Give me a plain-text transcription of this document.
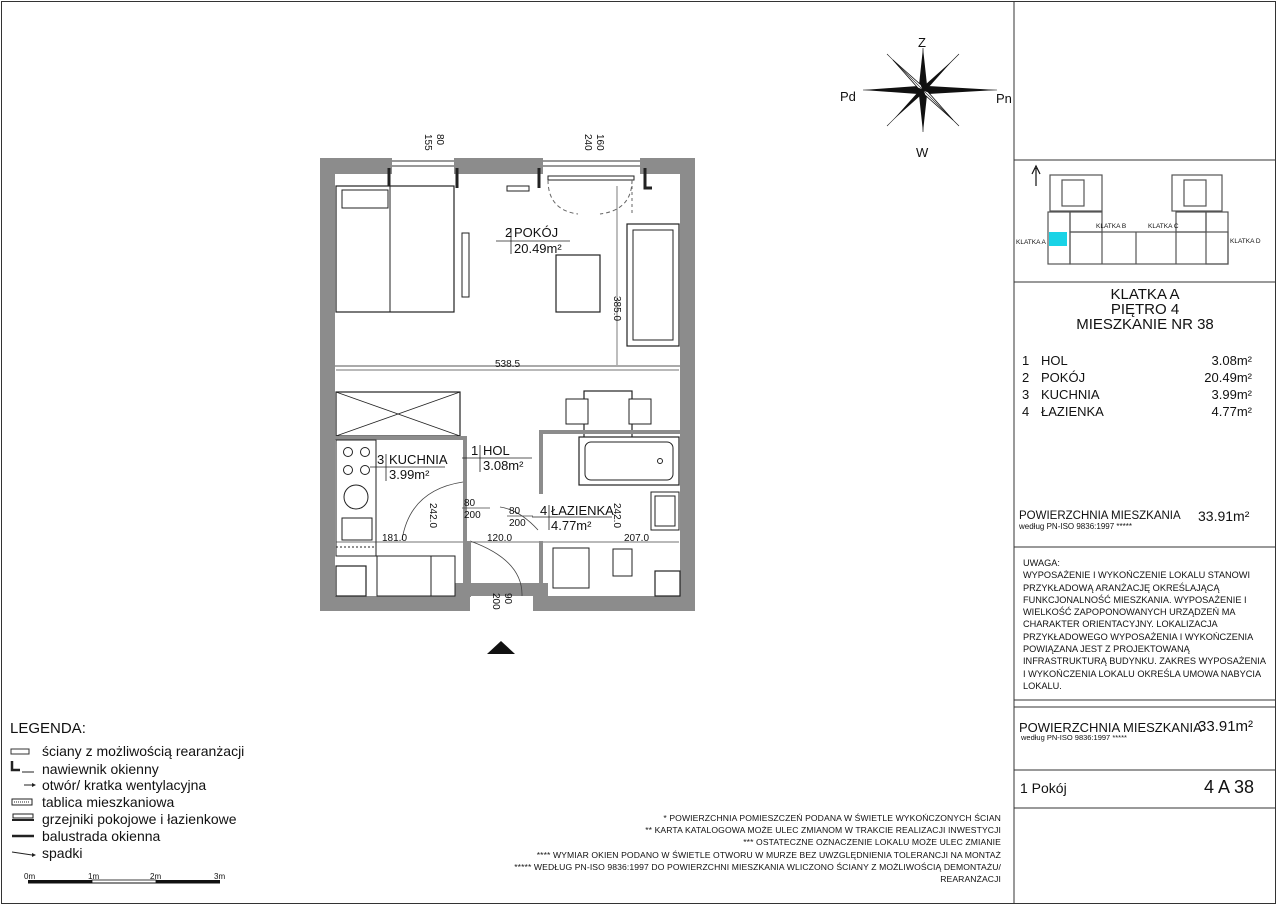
Z
W
Pd	Pn
2 POKÓJ
20.49m²
3 KUCHNIA
3.99m²
1 HOL
3.08m²
4 ŁAZIENKA
4.77m²
538.5
385.0
80
155	160
240
181.0	120.0	207.0
242.0	242.0
80
200	80
200
90
200
KLATKA A
KLATKA B	KLATKA C
KLATKA D
0m	1m	2m	3m
KLATKA A
PIĘTRO 4
MIESZKANIE NR 38
1 HOL	3.08m²
2 POKÓJ	20.49m²
3 KUCHNIA	3.99m²
4 ŁAZIENKA	4.77m²
POWIERZCHNIA MIESZKANIA
według PN-ISO 9836:1997 *****
33.91m²
UWAGA:
WYPOSAŻENIE I WYKOŃCZENIE LOKALU STANOWI
PRZYKŁADOWĄ ARANŻACJĘ OKREŚLAJĄCĄ
FUNKCJONALNOŚĆ MIESZKANIA. WYPOSAŻENIE I
WIELKOŚĆ ZAPOPONOWANYCH URZĄDZEŃ MA
CHARAKTER ORIENTACYJNY. LOKALIZACJA
PRZYKŁADOWEGO WYPOSAŻENIA I WYKOŃCZENIA
POWIĄZANA JEST Z PROJEKTOWANĄ
INFRASTRUKTURĄ BUDYNKU. ZAKRES WYPOSAŻENIA
I WYKOŃCZENIA LOKALU OKREŚLA UMOWA NABYCIA
LOKALU.
POWIERZCHNIA MIESZKANIA
według PN-ISO 9836:1997 *****
33.91m²
1 Pokój	4 A 38
LEGENDA:
ściany z możliwością rearanżacji
nawiewnik okienny
otwór/ kratka wentylacyjna
tablica mieszkaniowa
grzejniki pokojowe i łazienkowe
balustrada okienna
spadki
* POWIERZCHNIA POMIESZCZEŃ PODANA W ŚWIETLE WYKOŃCZONYCH ŚCIAN
** KARTA KATALOGOWA MOŻE ULEC ZMIANOM W TRAKCIE REALIZACJI INWESTYCJI
*** OSTATECZNE OZNACZENIE LOKALU MOŻE ULEC ZMIANIE
**** WYMIAR OKIEN PODANO W ŚWIETLE OTWORU W MURZE BEZ UWZGLĘDNIENIA TOLERANCJI NA MONTAŻ
***** WEDŁUG PN-ISO 9836:1997 DO POWIERZCHNI MIESZKANIA WLICZONO ŚCIANY Z MOŻLIWOŚCIĄ DEMONTAŻU/
REARANŻACJI
